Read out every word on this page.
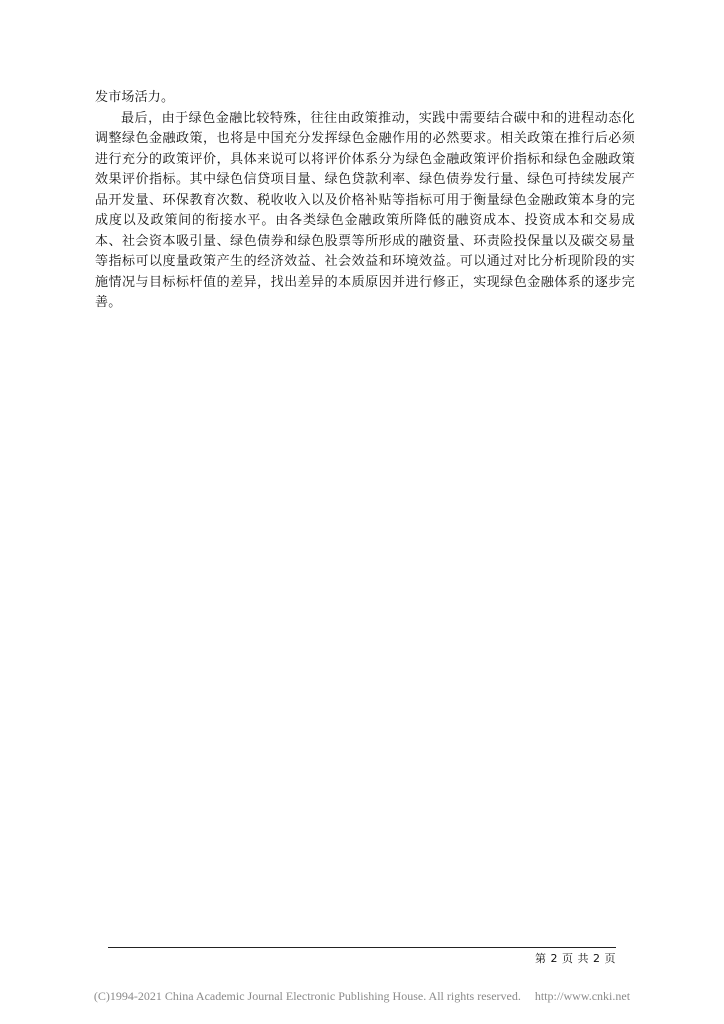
发市场活力。

最后，由于绿色金融比较特殊，往往由政策推动，实践中需要结合碳中和的进程动态化调整绿色金融政策，也将是中国充分发挥绿色金融作用的必然要求。相关政策在推行后必须进行充分的政策评价，具体来说可以将评价体系分为绿色金融政策评价指标和绿色金融政策效果评价指标。其中绿色信贷项目量、绿色贷款利率、绿色债券发行量、绿色可持续发展产品开发量、环保教育次数、税收收入以及价格补贴等指标可用于衡量绿色金融政策本身的完成度以及政策间的衔接水平。由各类绿色金融政策所降低的融资成本、投资成本和交易成本、社会资本吸引量、绿色债券和绿色股票等所形成的融资量、环责险投保量以及碳交易量等指标可以度量政策产生的经济效益、社会效益和环境效益。可以通过对比分析现阶段的实施情况与目标标杆值的差异，找出差异的本质原因并进行修正，实现绿色金融体系的逐步完善。

第 2 页 共 2 页
(C)1994-2021 China Academic Journal Electronic Publishing House. All rights reserved. http://www.cnki.net
